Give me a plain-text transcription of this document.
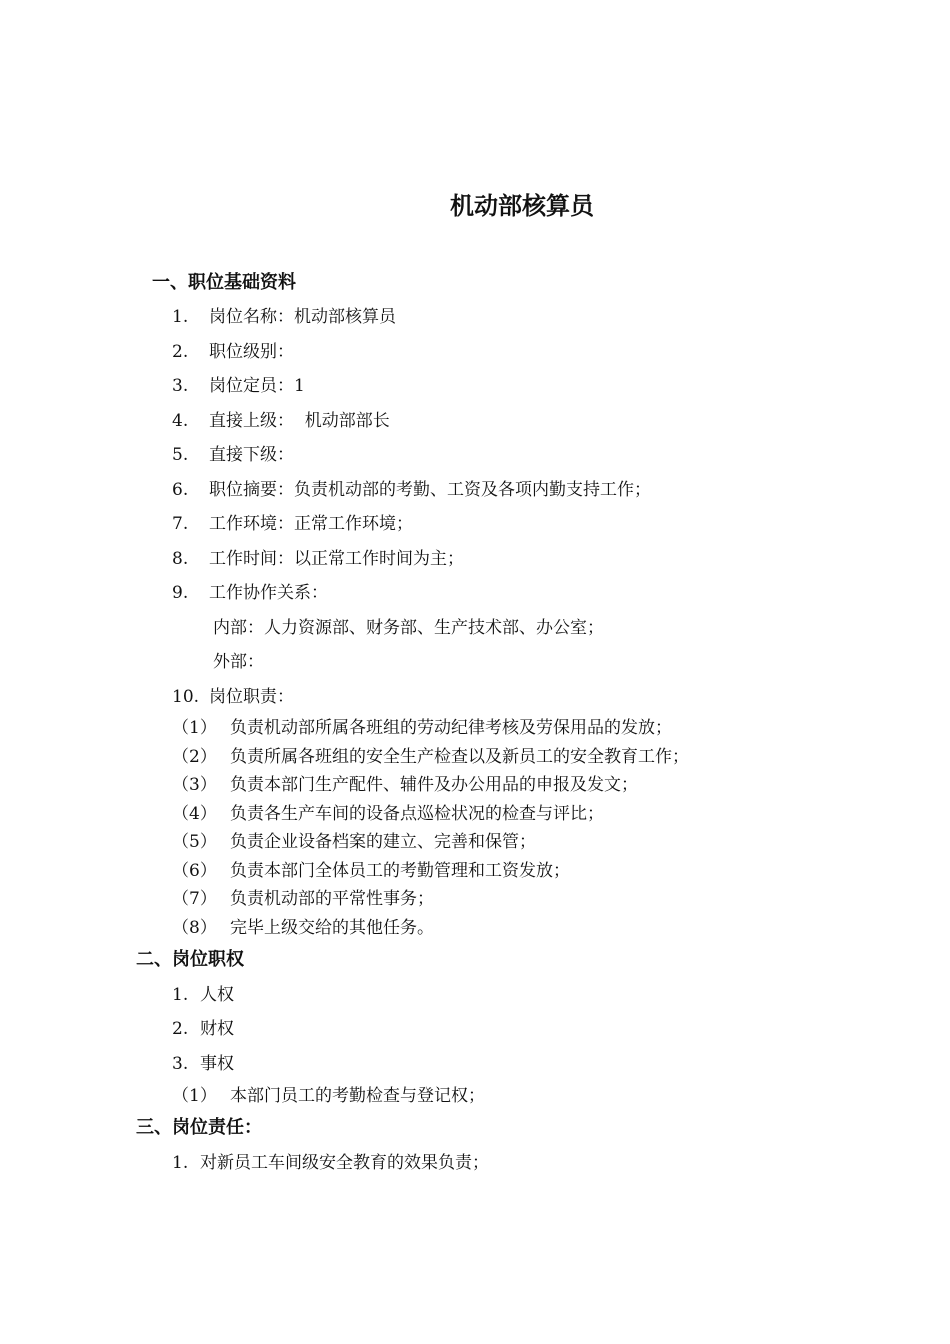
机动部核算员
一、职位基础资料
1. 岗位名称：机动部核算员
2. 职位级别：
3. 岗位定员：1
4. 直接上级：  机动部部长
5. 直接下级：
6. 职位摘要：负责机动部的考勤、工资及各项内勤支持工作；
7. 工作环境：正常工作环境；
8. 工作时间：以正常工作时间为主；
9. 工作协作关系：
内部：人力资源部、财务部、生产技术部、办公室；
外部：
10. 岗位职责：
（1） 负责机动部所属各班组的劳动纪律考核及劳保用品的发放；
（2） 负责所属各班组的安全生产检查以及新员工的安全教育工作；
（3） 负责本部门生产配件、辅件及办公用品的申报及发文；
（4） 负责各生产车间的设备点巡检状况的检查与评比；
（5） 负责企业设备档案的建立、完善和保管；
（6） 负责本部门全体员工的考勤管理和工资发放；
（7） 负责机动部的平常性事务；
（8） 完毕上级交给的其他任务。
二、岗位职权
1. 人权
2. 财权
3. 事权
（1） 本部门员工的考勤检查与登记权；
三、岗位责任：
1. 对新员工车间级安全教育的效果负责；
